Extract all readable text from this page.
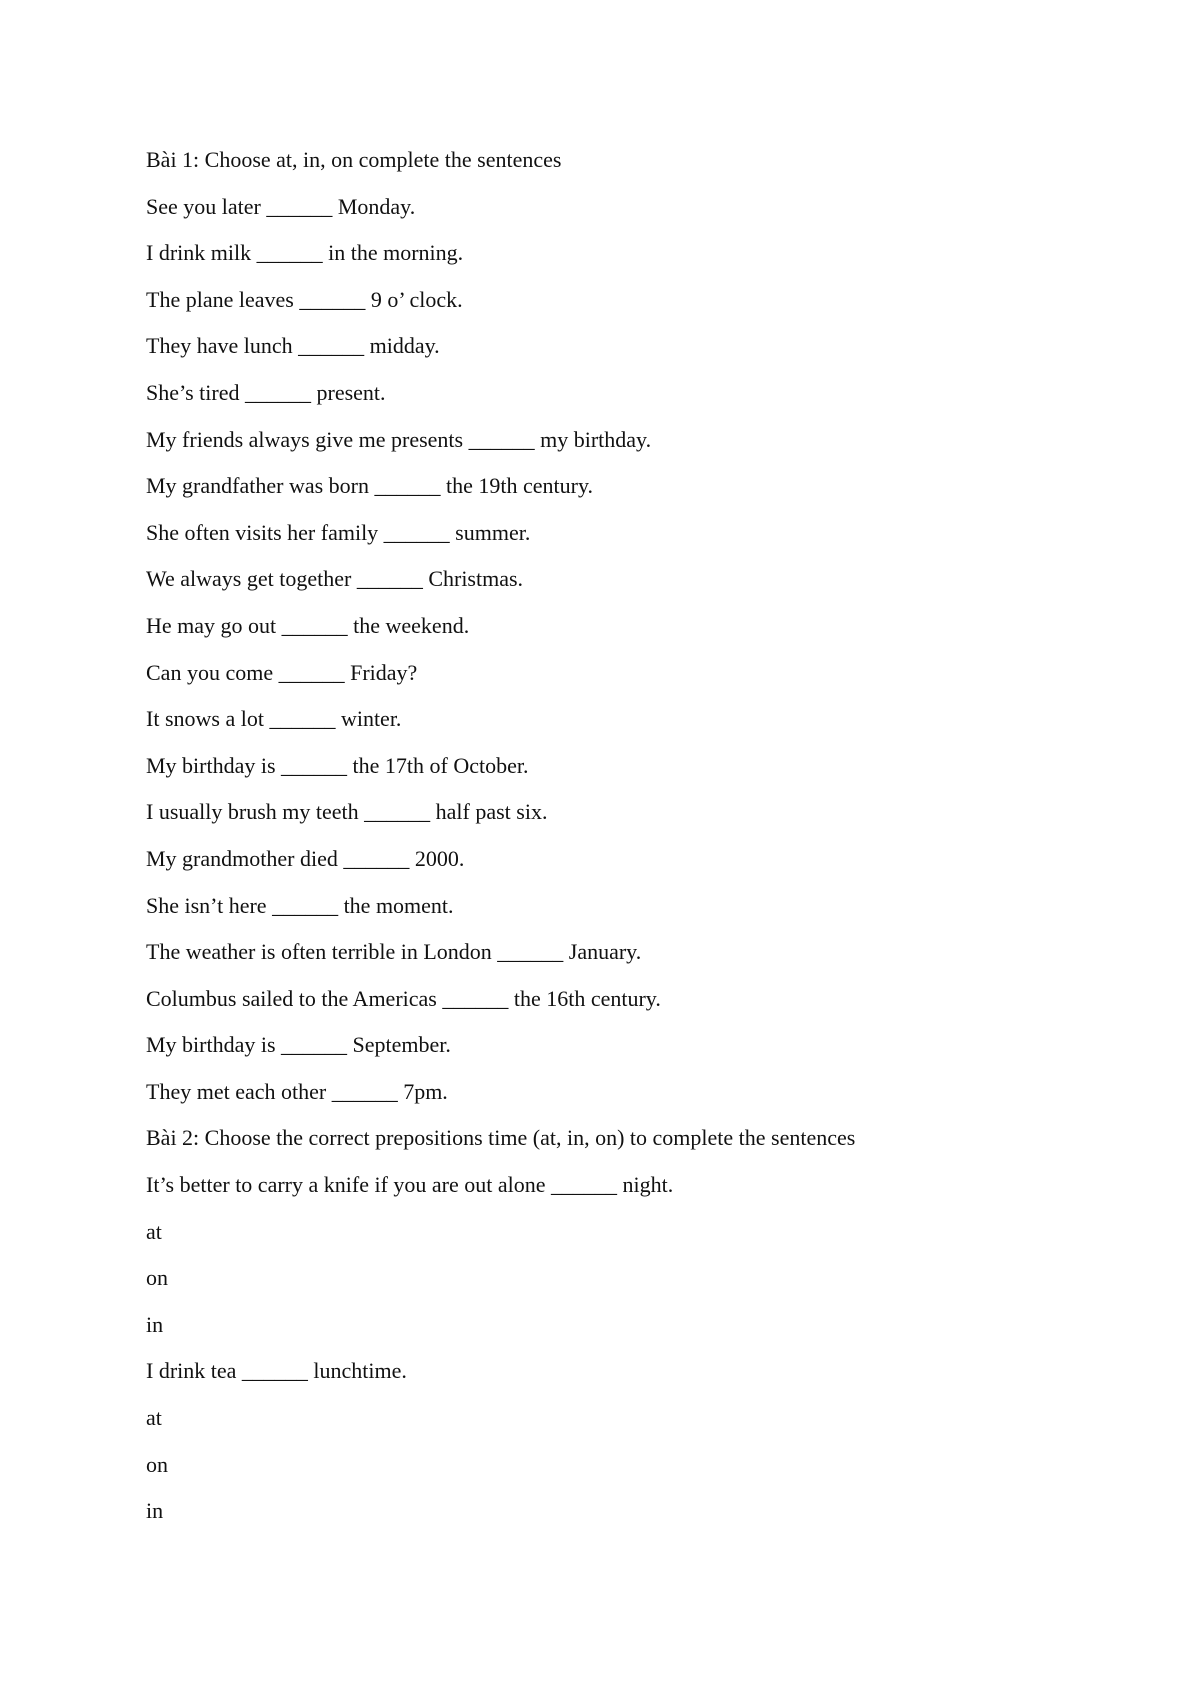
Bài 1: Choose at, in, on complete the sentences
See you later ______ Monday.
I drink milk ______ in the morning.
The plane leaves ______ 9 o’ clock.
They have lunch ______ midday.
She’s tired ______ present.
My friends always give me presents ______ my birthday.
My grandfather was born ______ the 19th century.
She often visits her family ______ summer.
We always get together ______ Christmas.
He may go out ______ the weekend.
Can you come ______ Friday?
It snows a lot ______ winter.
My birthday is ______ the 17th of October.
I usually brush my teeth ______ half past six.
My grandmother died ______ 2000.
She isn’t here ______ the moment.
The weather is often terrible in London ______ January.
Columbus sailed to the Americas ______ the 16th century.
My birthday is ______ September.
They met each other ______ 7pm.
Bài 2: Choose the correct prepositions time (at, in, on) to complete the sentences
It’s better to carry a knife if you are out alone ______ night.
at
on
in
I drink tea ______ lunchtime.
at
on
in
